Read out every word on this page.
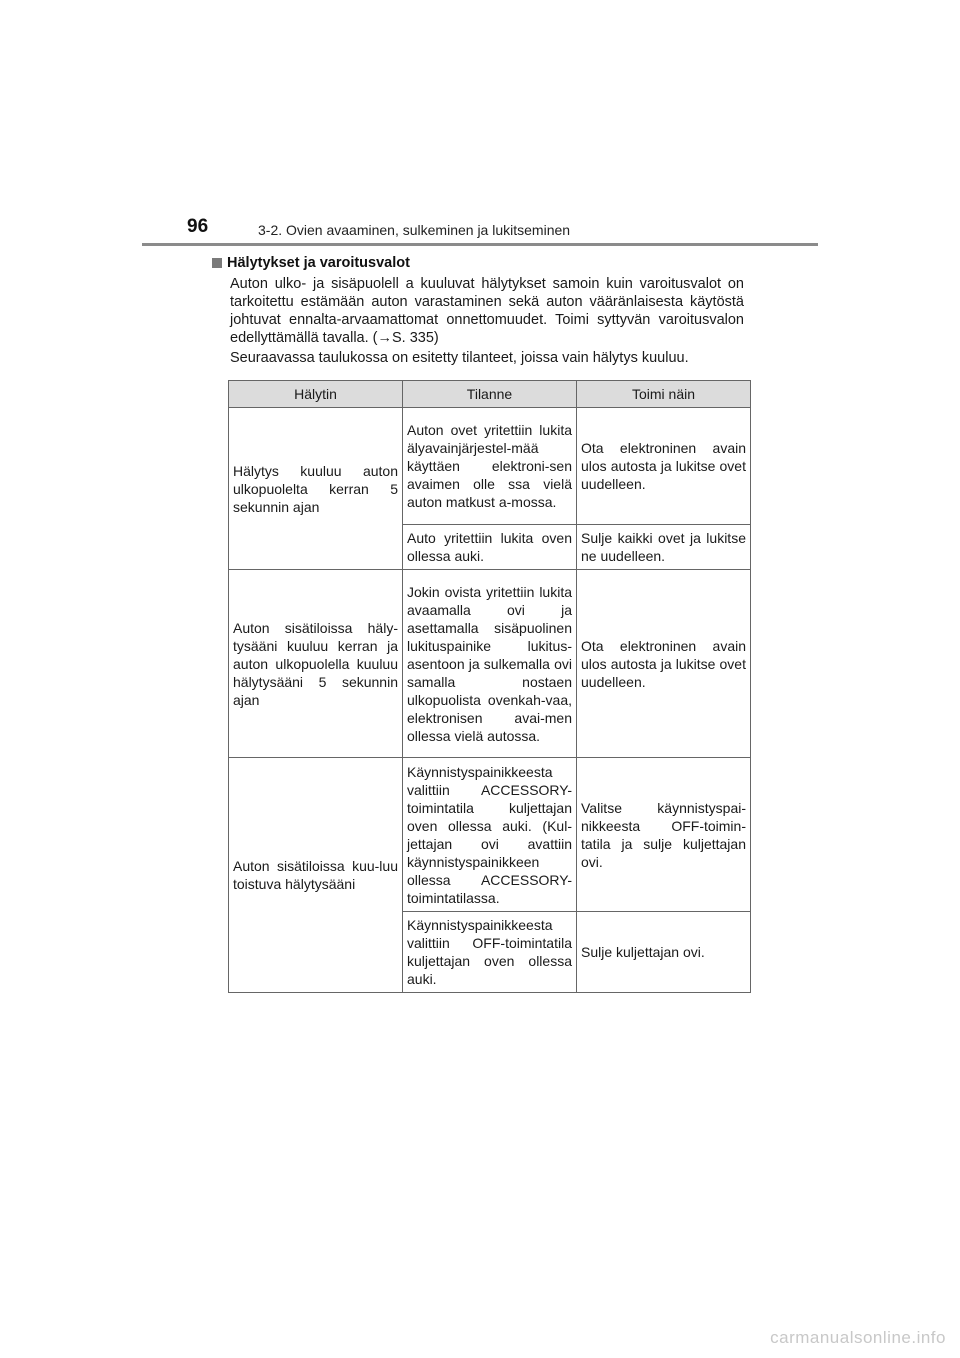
96	3-2. Ovien avaaminen, sulkeminen ja lukitseminen
Hälytykset ja varoitusvalot
Auton ulko- ja sisäpuolell a kuuluvat hälytykset samoin kuin varoitusvalot on tarkoitettu estämään auton varastaminen sekä auton vääränlaisesta käytöstä johtuvat ennalta-arvaamattomat onnettomuudet. Toimi syttyvän varoitusvalon edellyttämällä tavalla. (→S. 335)
Seuraavassa taulukossa on esitetty tilanteet, joissa vain hälytys kuuluu.
Hälytin	Tilanne	Toimi näin
Hälytys kuuluu auton ulkopuolelta kerran 5 sekunnin ajan	Auton ovet yritettiin lukita älyavainjärjestel-mää käyttäen elektroni-sen avaimen olle ssa vielä auton matkust a-mossa.	Ota elektroninen avain ulos autosta ja lukitse ovet uudelleen.
	Auto yritettiin lukita oven ollessa auki.	Sulje kaikki ovet ja lukitse ne uudelleen.
Auton sisätiloissa häly-tysääni kuuluu kerran ja auton ulkopuolella kuuluu hälytysääni 5 sekunnin ajan	Jokin ovista yritettiin lukita avaamalla ovi ja asettamalla sisäpuolinen lukituspainike lukitus-asentoon ja sulkemalla ovi samalla nostaen ulkopuolista ovenkah-vaa, elektronisen avai-men ollessa vielä autossa.	Ota elektroninen avain ulos autosta ja lukitse ovet uudelleen.
Auton sisätiloissa kuu-luu toistuva hälytysääni	Käynnistyspainikkeesta valittiin ACCESSORY-toimintatila kuljettajan oven ollessa auki. (Kul-jettajan ovi avattiin käynnistyspainikkeen ollessa ACCESSORY-toimintatilassa.	Valitse käynnistyspai-nikkeesta OFF-toimin-tatila ja sulje kuljettajan ovi.
	Käynnistyspainikkeesta valittiin OFF-toimintatila kuljettajan oven ollessa auki.	Sulje kuljettajan ovi.
carmanualsonline.info
